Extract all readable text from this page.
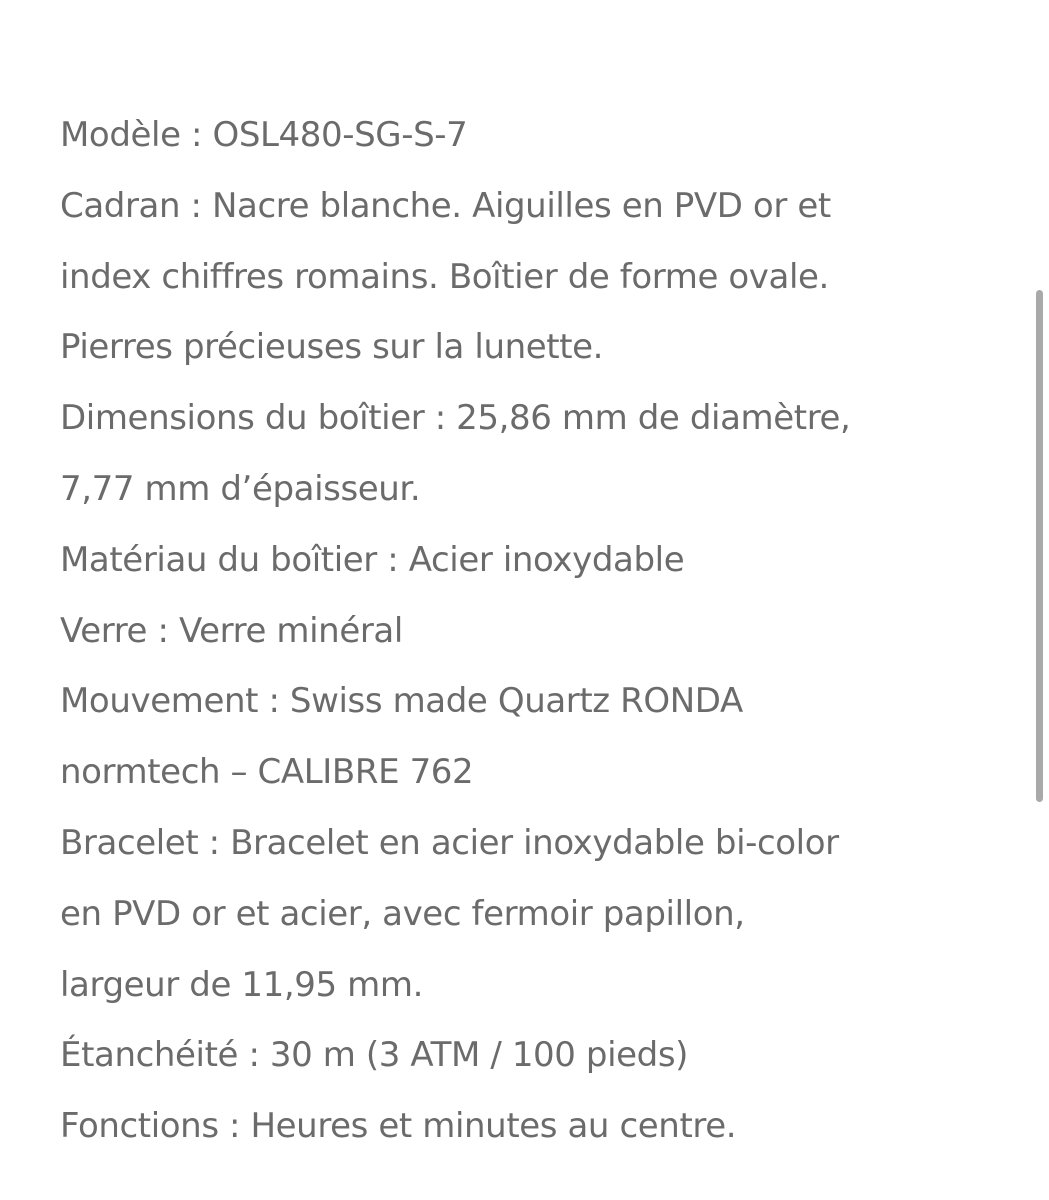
Modèle : OSL480-SG-S-7
Cadran : Nacre blanche. Aiguilles en PVD or et
index chiffres romains. Boîtier de forme ovale.
Pierres précieuses sur la lunette.
Dimensions du boîtier : 25,86 mm de diamètre,
7,77 mm d’épaisseur.
Matériau du boîtier : Acier inoxydable
Verre : Verre minéral
Mouvement : Swiss made Quartz RONDA
normtech – CALIBRE 762
Bracelet : Bracelet en acier inoxydable bi-color
en PVD or et acier, avec fermoir papillon,
largeur de 11,95 mm.
Étanchéité : 30 m (3 ATM / 100 pieds)
Fonctions : Heures et minutes au centre.
